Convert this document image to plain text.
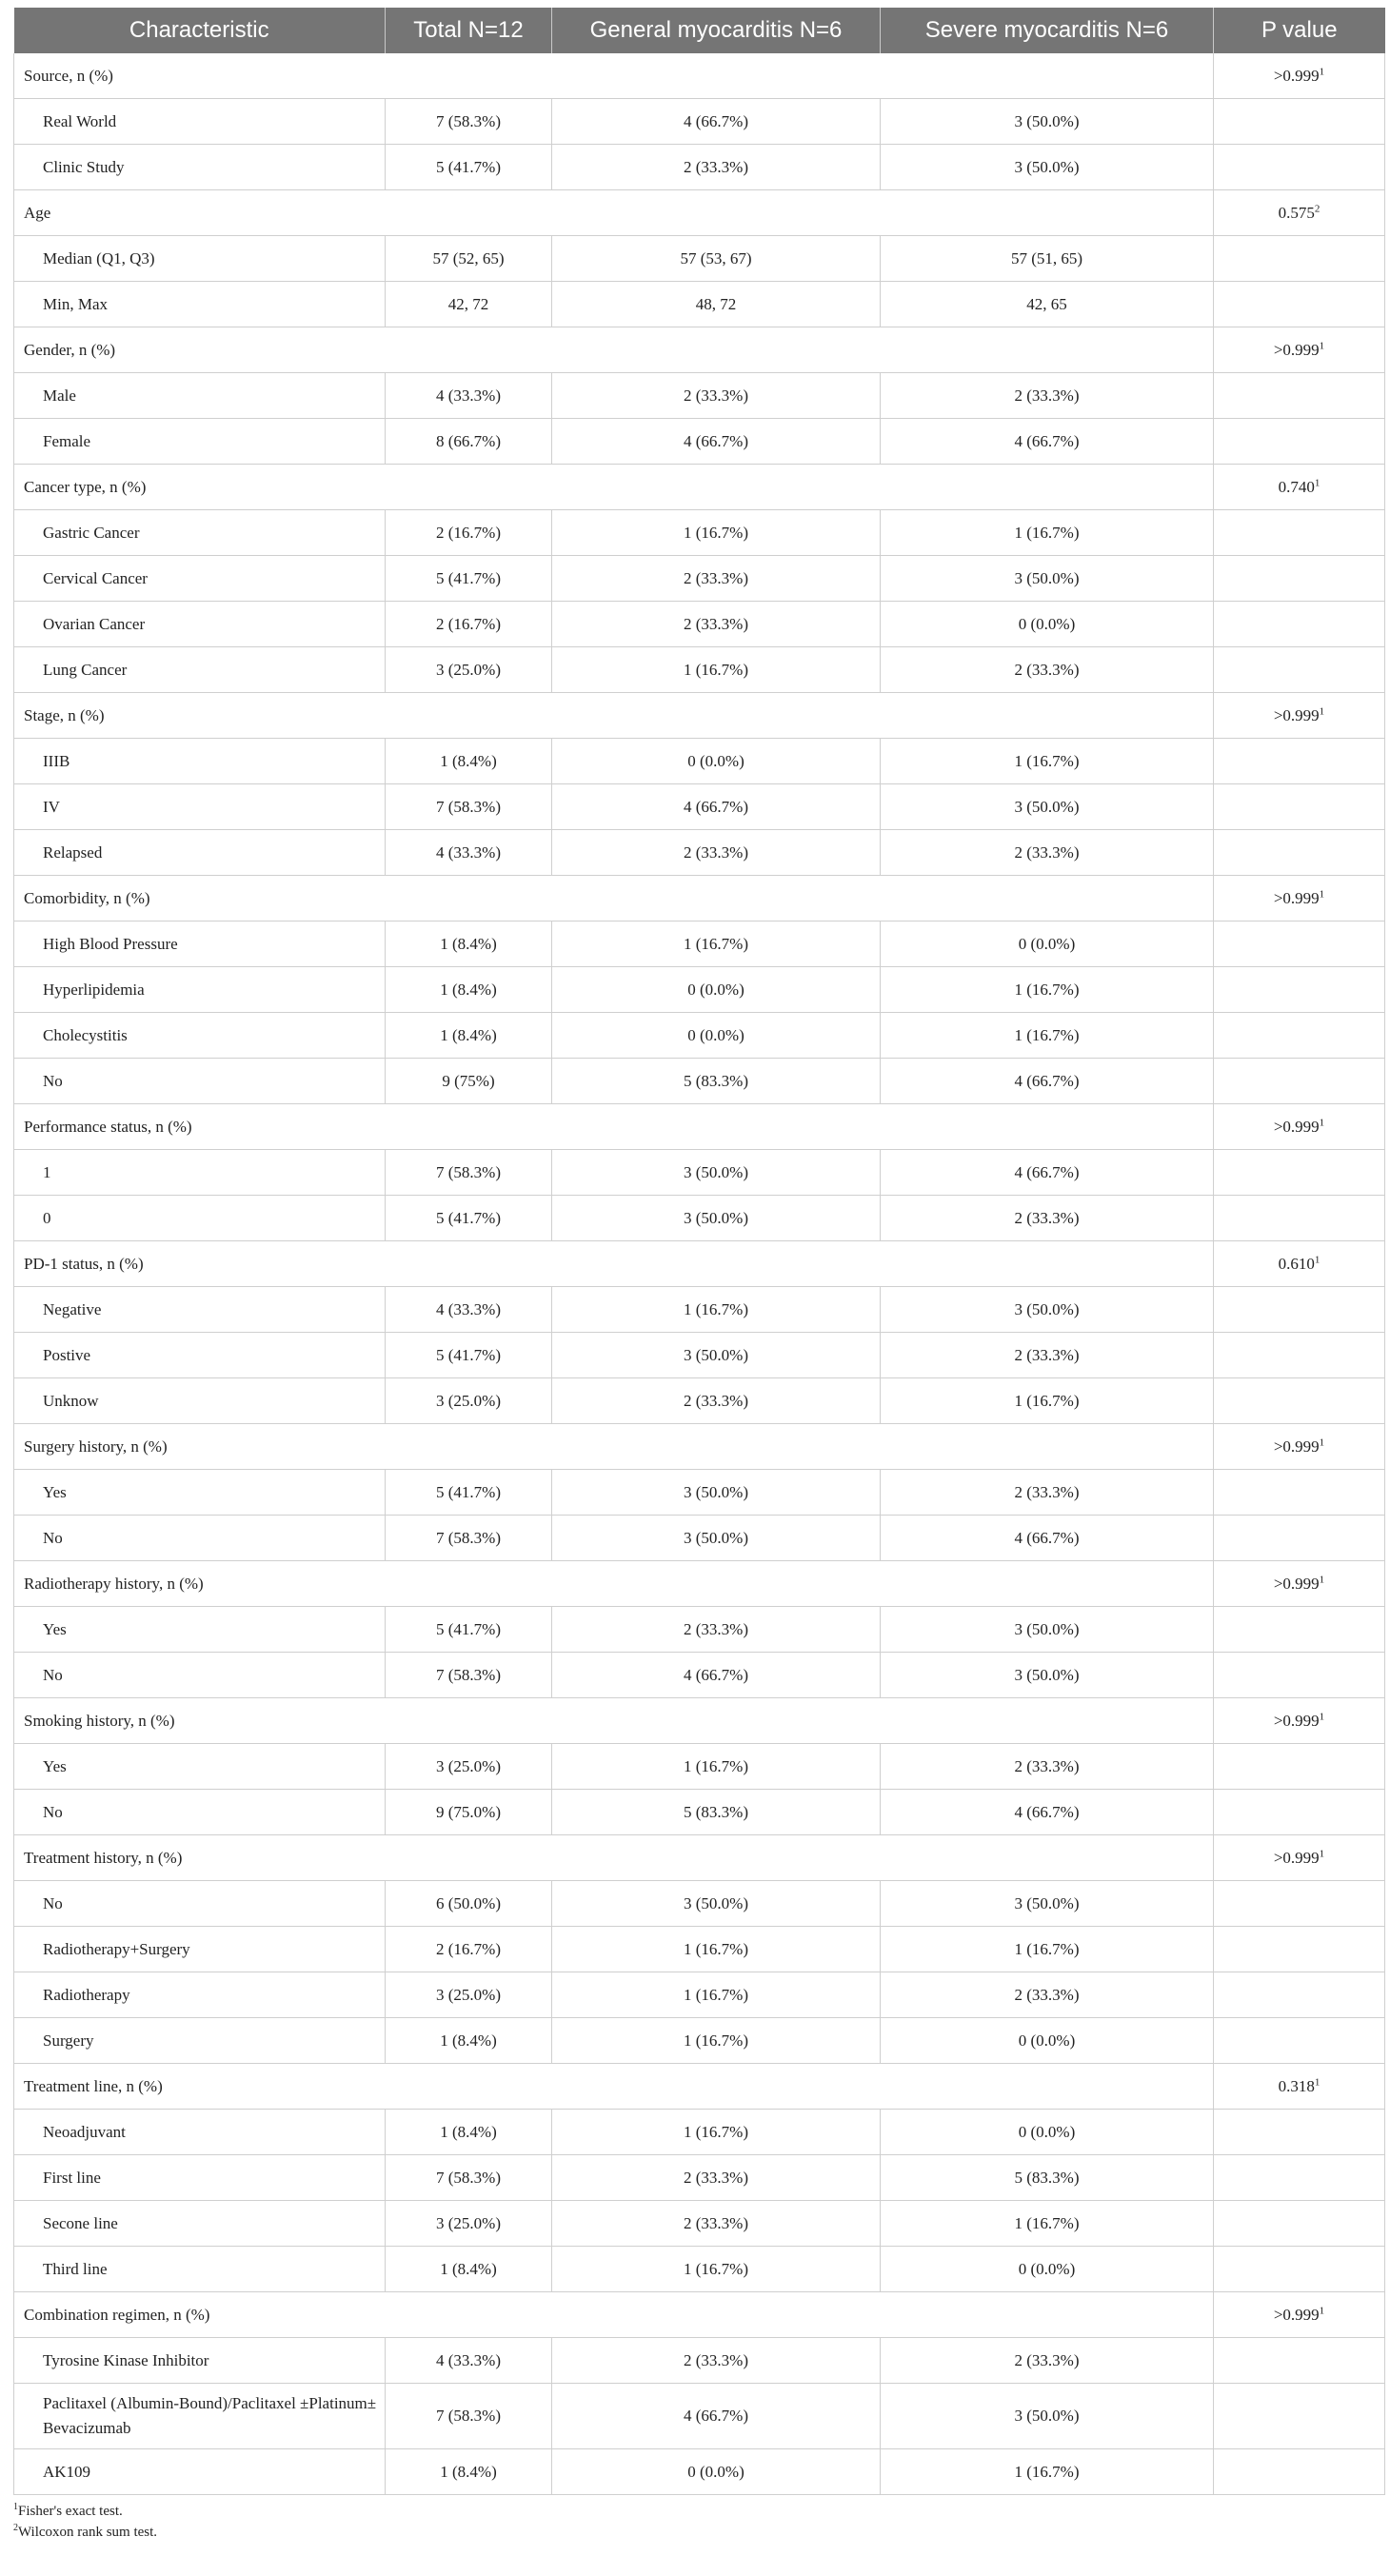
Characteristic	Total N=12	General myocarditis N=6	Severe myocarditis N=6	P value
Source, n (%)				$>0.999^1$
Real World	7 (58.3%)	4 (66.7%)	3 (50.0%)	
Clinic Study	5 (41.7%)	2 (33.3%)	3 (50.0%)	
Age				0.575$^2$
Median (Q1, Q3)	57 (52, 65)	57 (53, 67)	57 (51, 65)	
Min, Max	42, 72	48, 72	42, 65	
Gender, n (%)				$>0.999^1$
Male	4 (33.3%)	2 (33.3%)	2 (33.3%)	
Female	8 (66.7%)	4 (66.7%)	4 (66.7%)	
Cancer type, n (%)				0.740$^1$
Gastric Cancer	2 (16.7%)	1 (16.7%)	1 (16.7%)	
Cervical Cancer	5 (41.7%)	2 (33.3%)	3 (50.0%)	
Ovarian Cancer	2 (16.7%)	2 (33.3%)	0 (0.0%)	
Lung Cancer	3 (25.0%)	1 (16.7%)	2 (33.3%)	
Stage, n (%)				$>0.999^1$
IIIB	1 (8.4%)	0 (0.0%)	1 (16.7%)	
IV	7 (58.3%)	4 (66.7%)	3 (50.0%)	
Relapsed	4 (33.3%)	2 (33.3%)	2 (33.3%)	
Comorbidity, n (%)				$>0.999^1$
High Blood Pressure	1 (8.4%)	1 (16.7%)	0 (0.0%)	
Hyperlipidemia	1 (8.4%)	0 (0.0%)	1 (16.7%)	
Cholecystitis	1 (8.4%)	0 (0.0%)	1 (16.7%)	
No	9 (75%)	5 (83.3%)	4 (66.7%)	
Performance status, n (%)				$>0.999^1$
1	7 (58.3%)	3 (50.0%)	4 (66.7%)	
0	5 (41.7%)	3 (50.0%)	2 (33.3%)	
PD-1 status, n (%)				0.610$^1$
Negative	4 (33.3%)	1 (16.7%)	3 (50.0%)	
Postive	5 (41.7%)	3 (50.0%)	2 (33.3%)	
Unknow	3 (25.0%)	2 (33.3%)	1 (16.7%)	
Surgery history, n (%)				$>0.999^1$
Yes	5 (41.7%)	3 (50.0%)	2 (33.3%)	
No	7 (58.3%)	3 (50.0%)	4 (66.7%)	
Radiotherapy history, n (%)				$>0.999^1$
Yes	5 (41.7%)	2 (33.3%)	3 (50.0%)	
No	7 (58.3%)	4 (66.7%)	3 (50.0%)	
Smoking history, n (%)				$>0.999^1$
Yes	3 (25.0%)	1 (16.7%)	2 (33.3%)	
No	9 (75.0%)	5 (83.3%)	4 (66.7%)	
Treatment history, n (%)				$>0.999^1$
No	6 (50.0%)	3 (50.0%)	3 (50.0%)	
Radiotherapy+Surgery	2 (16.7%)	1 (16.7%)	1 (16.7%)	
Radiotherapy	3 (25.0%)	1 (16.7%)	2 (33.3%)	
Surgery	1 (8.4%)	1 (16.7%)	0 (0.0%)	
Treatment line, n (%)				0.318$^1$
Neoadjuvant	1 (8.4%)	1 (16.7%)	0 (0.0%)	
First line	7 (58.3%)	2 (33.3%)	5 (83.3%)	
Secone line	3 (25.0%)	2 (33.3%)	1 (16.7%)	
Third line	1 (8.4%)	1 (16.7%)	0 (0.0%)	
Combination regimen, n (%)				$>0.999^1$
Tyrosine Kinase Inhibitor	4 (33.3%)	2 (33.3%)	2 (33.3%)	
Paclitaxel (Albumin-Bound)/Paclitaxel ±Platinum± Bevacizumab	7 (58.3%)	4 (66.7%)	3 (50.0%)	
AK109	1 (8.4%)	0 (0.0%)	1 (16.7%)	
$^1$Fisher's exact test.
$^2$Wilcoxon rank sum test.
